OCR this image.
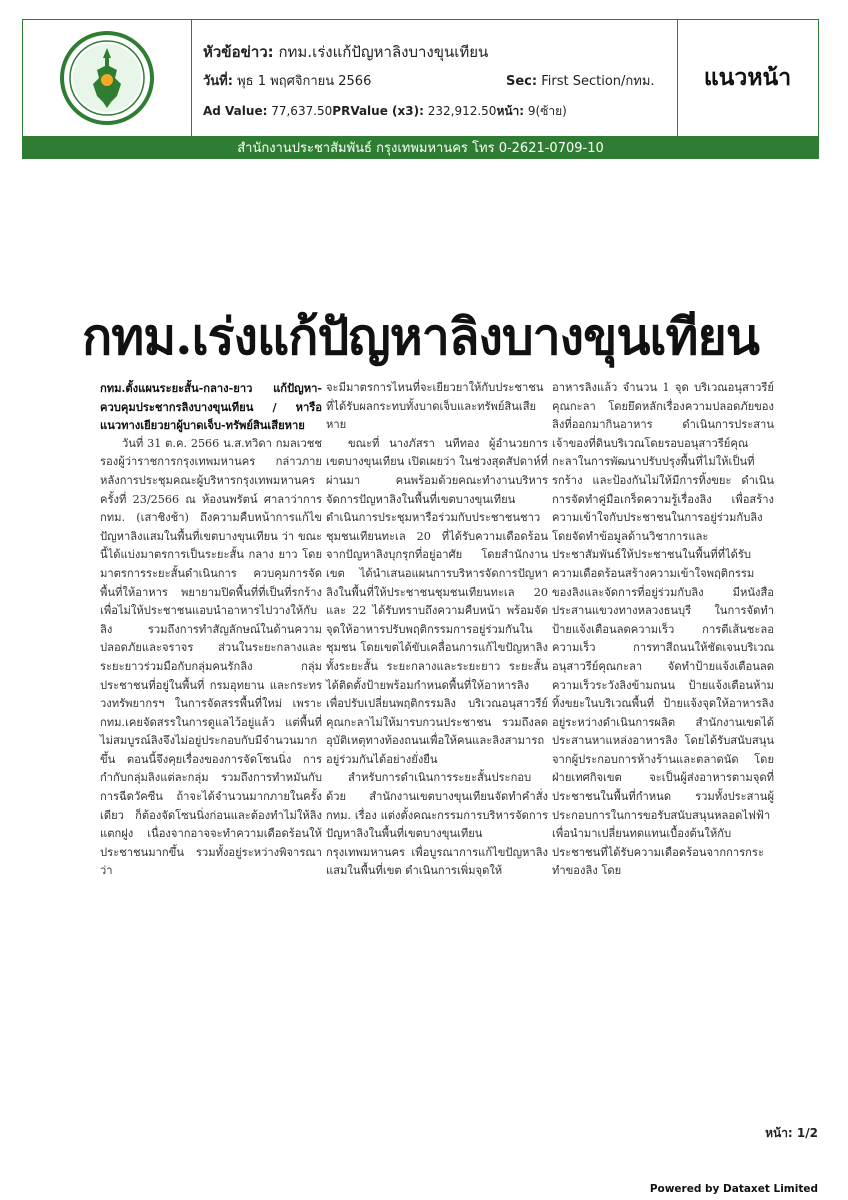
หัวข้อข่าว: กทม.เร่งแก้ปัญหาลิงบางขุนเทียน
วันที่: พุธ 1 พฤศจิกายน 2566	Sec: First Section/กทม.
Ad Value: 77,637.50PRValue (x3): 232,912.50หน้า: 9(ซ้าย)
แนวหน้า
สำนักงานประชาสัมพันธ์ กรุงเทพมหานคร โทร 0-2621-0709-10
กทม.เร่งแก้ปัญหาลิงบางขุนเทียน

กทม.ตั้งแผนระยะสั้น-กลาง-ยาว แก้ปัญหา-ควบคุมประชากรลิงบางขุนเทียน / หารือแนวทางเยียวยาผู้บาดเจ็บ-ทรัพย์สินเสียหาย

วันที่ 31 ต.ค. 2566 น.ส.ทวิดา กมลเวชช รองผู้ว่าราชการกรุงเทพมหานคร กล่าวภายหลังการประชุมคณะผู้บริหารกรุงเทพมหานคร ครั้งที่ 23/2566 ณ ห้องนพรัตน์ ศาลาว่าการ กทม. (เสาชิงช้า) ถึงความคืบหน้าการแก้ไขปัญหาลิงแสมในพื้นที่เขตบางขุนเทียน ว่า ขณะนี้ได้แบ่งมาตรการเป็นระยะสั้น กลาง ยาว โดยมาตรการระยะสั้นดำเนินการ ควบคุมการจัดพื้นที่ให้อาหาร พยายามปิดพื้นที่ที่เป็นที่รกร้างเพื่อไม่ให้ประชาชนแอบนำอาหารไปวางให้กับลิง รวมถึงการทำสัญลักษณ์ในด้านความปลอดภัยและจราจร ส่วนในระยะกลางและระยะยาวร่วมมือกับกลุ่มคนรักลิง กลุ่มประชาชนที่อยู่ในพื้นที่ กรมอุทยาน และกระทรวงทรัพยากรฯ ในการจัดสรรพื้นที่ใหม่ เพราะ กทม.เคยจัดสรรในการดูแลไว้อยู่แล้ว แต่พื้นที่ไม่สมบูรณ์ลิงจึงไม่อยู่ประกอบกับมีจำนวนมากขึ้น ตอนนี้จึงคุยเรื่องของการจัดโซนนิ่ง การกำกับกลุ่มลิงแต่ละกลุ่ม รวมถึงการทำหมันกับการฉีดวัคซีน ถ้าจะได้จำนวนมากภายในครั้งเดียว ก็ต้องจัดโซนนิ่งก่อนและต้องทำไม่ให้ลิงแตกฝูง เนื่องจากอาจจะทำความเดือดร้อนให้ประชาชนมากขึ้น รวมทั้งอยู่ระหว่างพิจารณาว่า

จะมีมาตรการไหนที่จะเยียวยาให้กับประชาชนที่ได้รับผลกระทบทั้งบาดเจ็บและทรัพย์สินเสียหาย

ขณะที่ นางภัสรา นทีทอง ผู้อำนวยการเขตบางขุนเทียน เปิดเผยว่า ในช่วงสุดสัปดาห์ที่ผ่านมา คนพร้อมด้วยคณะทำงานบริหารจัดการปัญหาลิงในพื้นที่เขตบางขุนเทียน ดำเนินการประชุมหารือร่วมกับประชาชนชาวชุมชนเทียนทะเล 20 ที่ได้รับความเดือดร้อนจากปัญหาลิงบุกรุกที่อยู่อาศัย โดยสำนักงานเขต ได้นำเสนอแผนการบริหารจัดการปัญหาลิงในพื้นที่ให้ประชาชนชุมชนเทียนทะเล 20 และ 22 ได้รับทราบถึงความคืบหน้า พร้อมจัดจุดให้อาหารปรับพฤติกรรมการอยู่ร่วมกันในชุมชน โดยเขตได้ขับเคลื่อนการแก้ไขปัญหาลิงทั้งระยะสั้น ระยะกลางและระยะยาว ระยะสั้นได้ติดตั้งป้ายพร้อมกำหนดพื้นที่ให้อาหารลิง เพื่อปรับเปลี่ยนพฤติกรรมลิง บริเวณอนุสาวรีย์คุณกะลาไม่ให้มารบกวนประชาชน รวมถึงลดอุบัติเหตุทางท้องถนนเพื่อให้คนและลิงสามารถอยู่ร่วมกันได้อย่างยั่งยืน

สำหรับการดำเนินการระยะสั้นประกอบด้วย สำนักงานเขตบางขุนเทียนจัดทำคำสั่ง กทม. เรื่อง แต่งตั้งคณะกรรมการบริหารจัดการปัญหาลิงในพื้นที่เขตบางขุนเทียน กรุงเทพมหานคร เพื่อบูรณาการแก้ไขปัญหาลิงแสมในพื้นที่เขต ดำเนินการเพิ่มจุดให้

อาหารลิงแล้ว จำนวน 1 จุด บริเวณอนุสาวรีย์คุณกะลา โดยยึดหลักเรื่องความปลอดภัยของลิงที่ออกมากินอาหาร ดำเนินการประสานเจ้าของที่ดินบริเวณโดยรอบอนุสาวรีย์คุณกะลาในการพัฒนาปรับปรุงพื้นที่ไม่ให้เป็นที่รกร้าง และป้องกันไม่ให้มีการทิ้งขยะ ดำเนินการจัดทำคู่มือเกร็ดความรู้เรื่องลิง เพื่อสร้างความเข้าใจกับประชาชนในการอยู่ร่วมกับลิง โดยจัดทำข้อมูลด้านวิชาการและประชาสัมพันธ์ให้ประชาชนในพื้นที่ที่ได้รับความเดือดร้อนสร้างความเข้าใจพฤติกรรมของลิงและจัดการที่อยู่ร่วมกับลิง มีหนังสือประสานแขวงทางหลวงธนบุรี ในการจัดทำป้ายแจ้งเตือนลดความเร็ว การตีเส้นชะลอความเร็ว การทาสีถนนให้ชัดเจนบริเวณอนุสาวรีย์คุณกะลา จัดทำป้ายแจ้งเตือนลดความเร็วระวังลิงข้ามถนน ป้ายแจ้งเตือนห้ามทิ้งขยะในบริเวณพื้นที่ ป้ายแจ้งจุดให้อาหารลิง อยู่ระหว่างดำเนินการผลิต สำนักงานเขตได้ประสานหาแหล่งอาหารลิง โดยได้รับสนับสนุนจากผู้ประกอบการห้างร้านและตลาดนัด โดยฝ่ายเทศกิจเขต จะเป็นผู้ส่งอาหารตามจุดที่ประชาชนในพื้นที่กำหนด รวมทั้งประสานผู้ประกอบการในการขอรับสนับสนุนหลอดไฟฟ้าเพื่อนำมาเปลี่ยนทดแทนเบื้องต้นให้กับประชาชนที่ได้รับความเดือดร้อนจากการกระทำของลิง โดย

หน้า: 1/2
Powered by Dataxet Limited
